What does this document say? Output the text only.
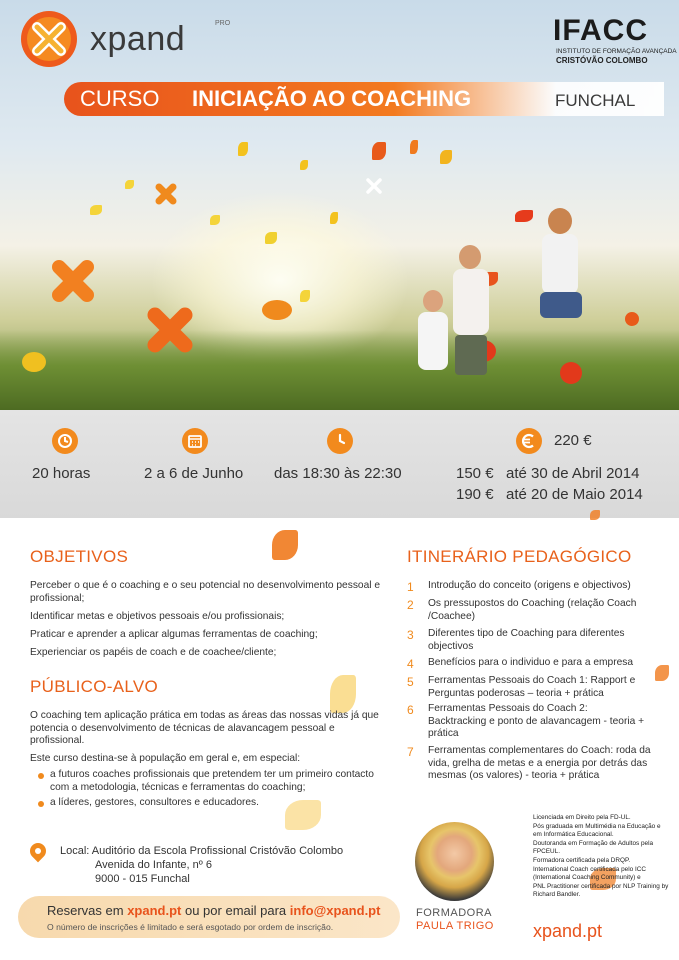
xpand	PRO	IFACC
INSTITUTO DE FORMAÇÃO AVANÇADA
CRISTÓVÃO COLOMBO
CURSO INICIAÇÃO AO COACHING	FUNCHAL
20 horas	2 a 6 de Junho das 18:30 às 22:30
220 €
150 € até 30 de Abril 2014
190 € até 20 de Maio 2014
OBJETIVOS
Perceber o que é o coaching e o seu potencial no desenvolvimento pessoal e profissional;
Identificar metas e objetivos pessoais e/ou profissionais;
Praticar e aprender a aplicar algumas ferramentas de coaching;
Experienciar os papéis de coach e de coachee/cliente;
PÚBLICO-ALVO
O coaching tem aplicação prática em todas as áreas das nossas vidas já que potencia o desenvolvimento de técnicas de alavancagem pessoal e profissional.
Este curso destina-se à população em geral e, em especial:
a futuros coaches profissionais que pretendem ter um primeiro contacto com a metodologia, técnicas e ferramentas do coaching;
a líderes, gestores, consultores e educadores.
ITINERÁRIO PEDAGÓGICO
1 Introdução do conceito (origens e objectivos)
2 Os pressupostos do Coaching (relação Coach /Coachee)
3 Diferentes tipo de Coaching para diferentes objectivos
4 Benefícios para o individuo e para a empresa
5 Ferramentas Pessoais do Coach 1: Rapport e Perguntas poderosas – teoria + prática
6 Ferramentas Pessoais do Coach 2: Backtracking e ponto de alavancagem - teoria + prática
7 Ferramentas complementares do Coach: roda da vida, grelha de metas e a energia por detrás das mesmas (os valores) - teoria + prática
Local: Auditório da Escola Profissional Cristóvão Colombo
Avenida do Infante, nº 6
9000 - 015 Funchal
Reservas em xpand.pt ou por email para info@xpand.pt
O número de inscrições é limitado e será esgotado por ordem de inscrição.
FORMADORA
PAULA TRIGO
Licenciada em Direito pela FD-UL.
Pós graduada em Multimédia na Educação e
em Informática Educacional.
Doutoranda em Formação de Adultos pela FPCEUL.
Formadora certificada pela DRQP.
International Coach certificada pelo ICC (International Coaching Community) e
PNL Practitioner certificada por NLP Training by Richard Bandler.
xpand.pt
